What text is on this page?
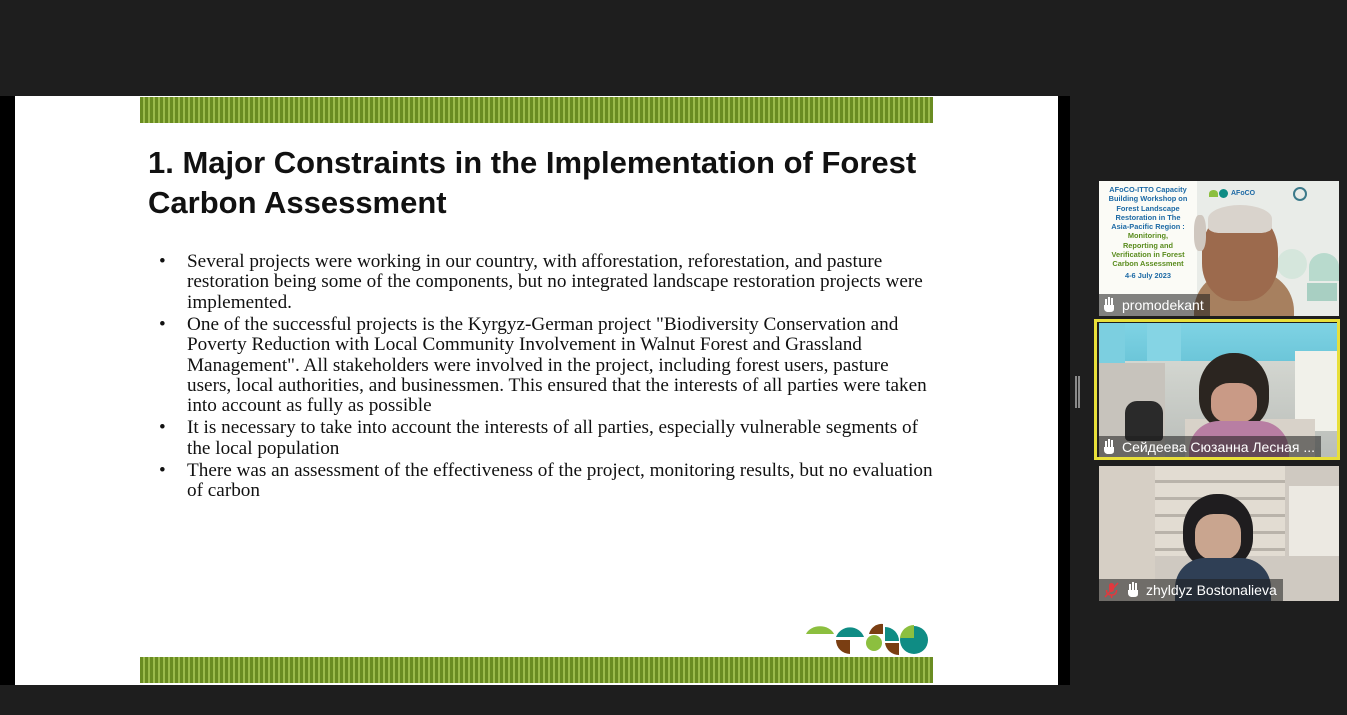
1. Major Constraints in the Implementation of Forest Carbon Assessment
• Several projects were working in our country, with afforestation, reforestation, and pasture restoration being some of the components, but no integrated landscape restoration projects were implemented.
• One of the successful projects is the Kyrgyz-German project "Biodiversity Conservation and Poverty Reduction with Local Community Involvement in Walnut Forest and Grassland Management". All stakeholders were involved in the project, including forest users, pasture users, local authorities, and businessmen. This ensured that the interests of all parties were taken into account as fully as possible
• It is necessary to take into account the interests of all parties, especially vulnerable segments of the local population
• There was an assessment of the effectiveness of the project, monitoring results, but no evaluation of carbon
AFoCO-ITTO Capacity
Building Workshop on
Forest Landscape
Restoration in The
Asia-Pacific Region :
Monitoring,
Reporting and
Verification in Forest
Carbon Assessment
4-6 July 2023
AFoCO
promodekant
Сейдеева Сюзанна Лесная ...
zhyldyz Bostonalieva
